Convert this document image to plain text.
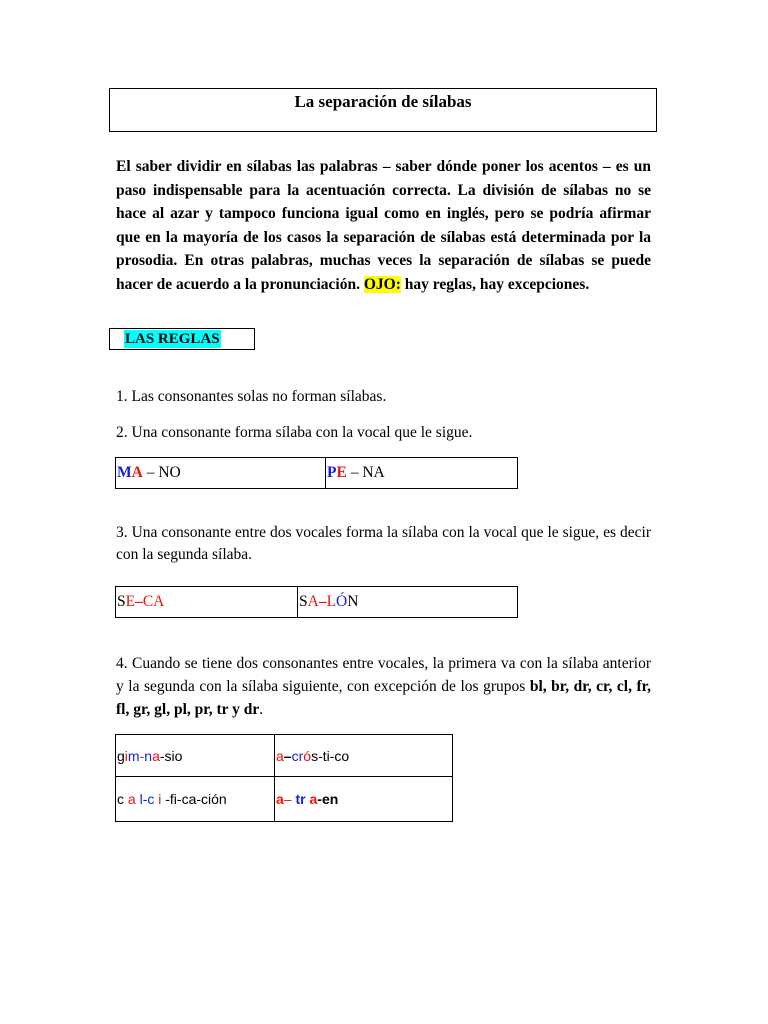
La separación de sílabas
El saber dividir en sílabas las palabras – saber dónde poner los acentos – es un paso indispensable para la acentuación correcta. La división de sílabas no se hace al azar y tampoco funciona igual como en inglés, pero se podría afirmar que en la mayoría de los casos la separación de sílabas está determinada por la prosodia. En otras palabras, muchas veces la separación de sílabas se puede hacer de acuerdo a la pronunciación. OJO: hay reglas, hay excepciones.
LAS REGLAS
1. Las consonantes solas no forman sílabas.
2. Una consonante forma sílaba con la vocal que le sigue.
MA – NO	PE – NA
3. Una consonante entre dos vocales forma la sílaba con la vocal que le sigue, es decir con la segunda sílaba.
SE–CA	SA–LÓN
4. Cuando se tiene dos consonantes entre vocales, la primera va con la sílaba anterior y la segunda con la sílaba siguiente, con excepción de los grupos bl, br, dr, cr, cl, fr, fl, gr, gl, pl, pr, tr y dr.
gim-na-sio	a–crós-ti-co
c a l-c i -fi-ca-ción	a– tr a-en
